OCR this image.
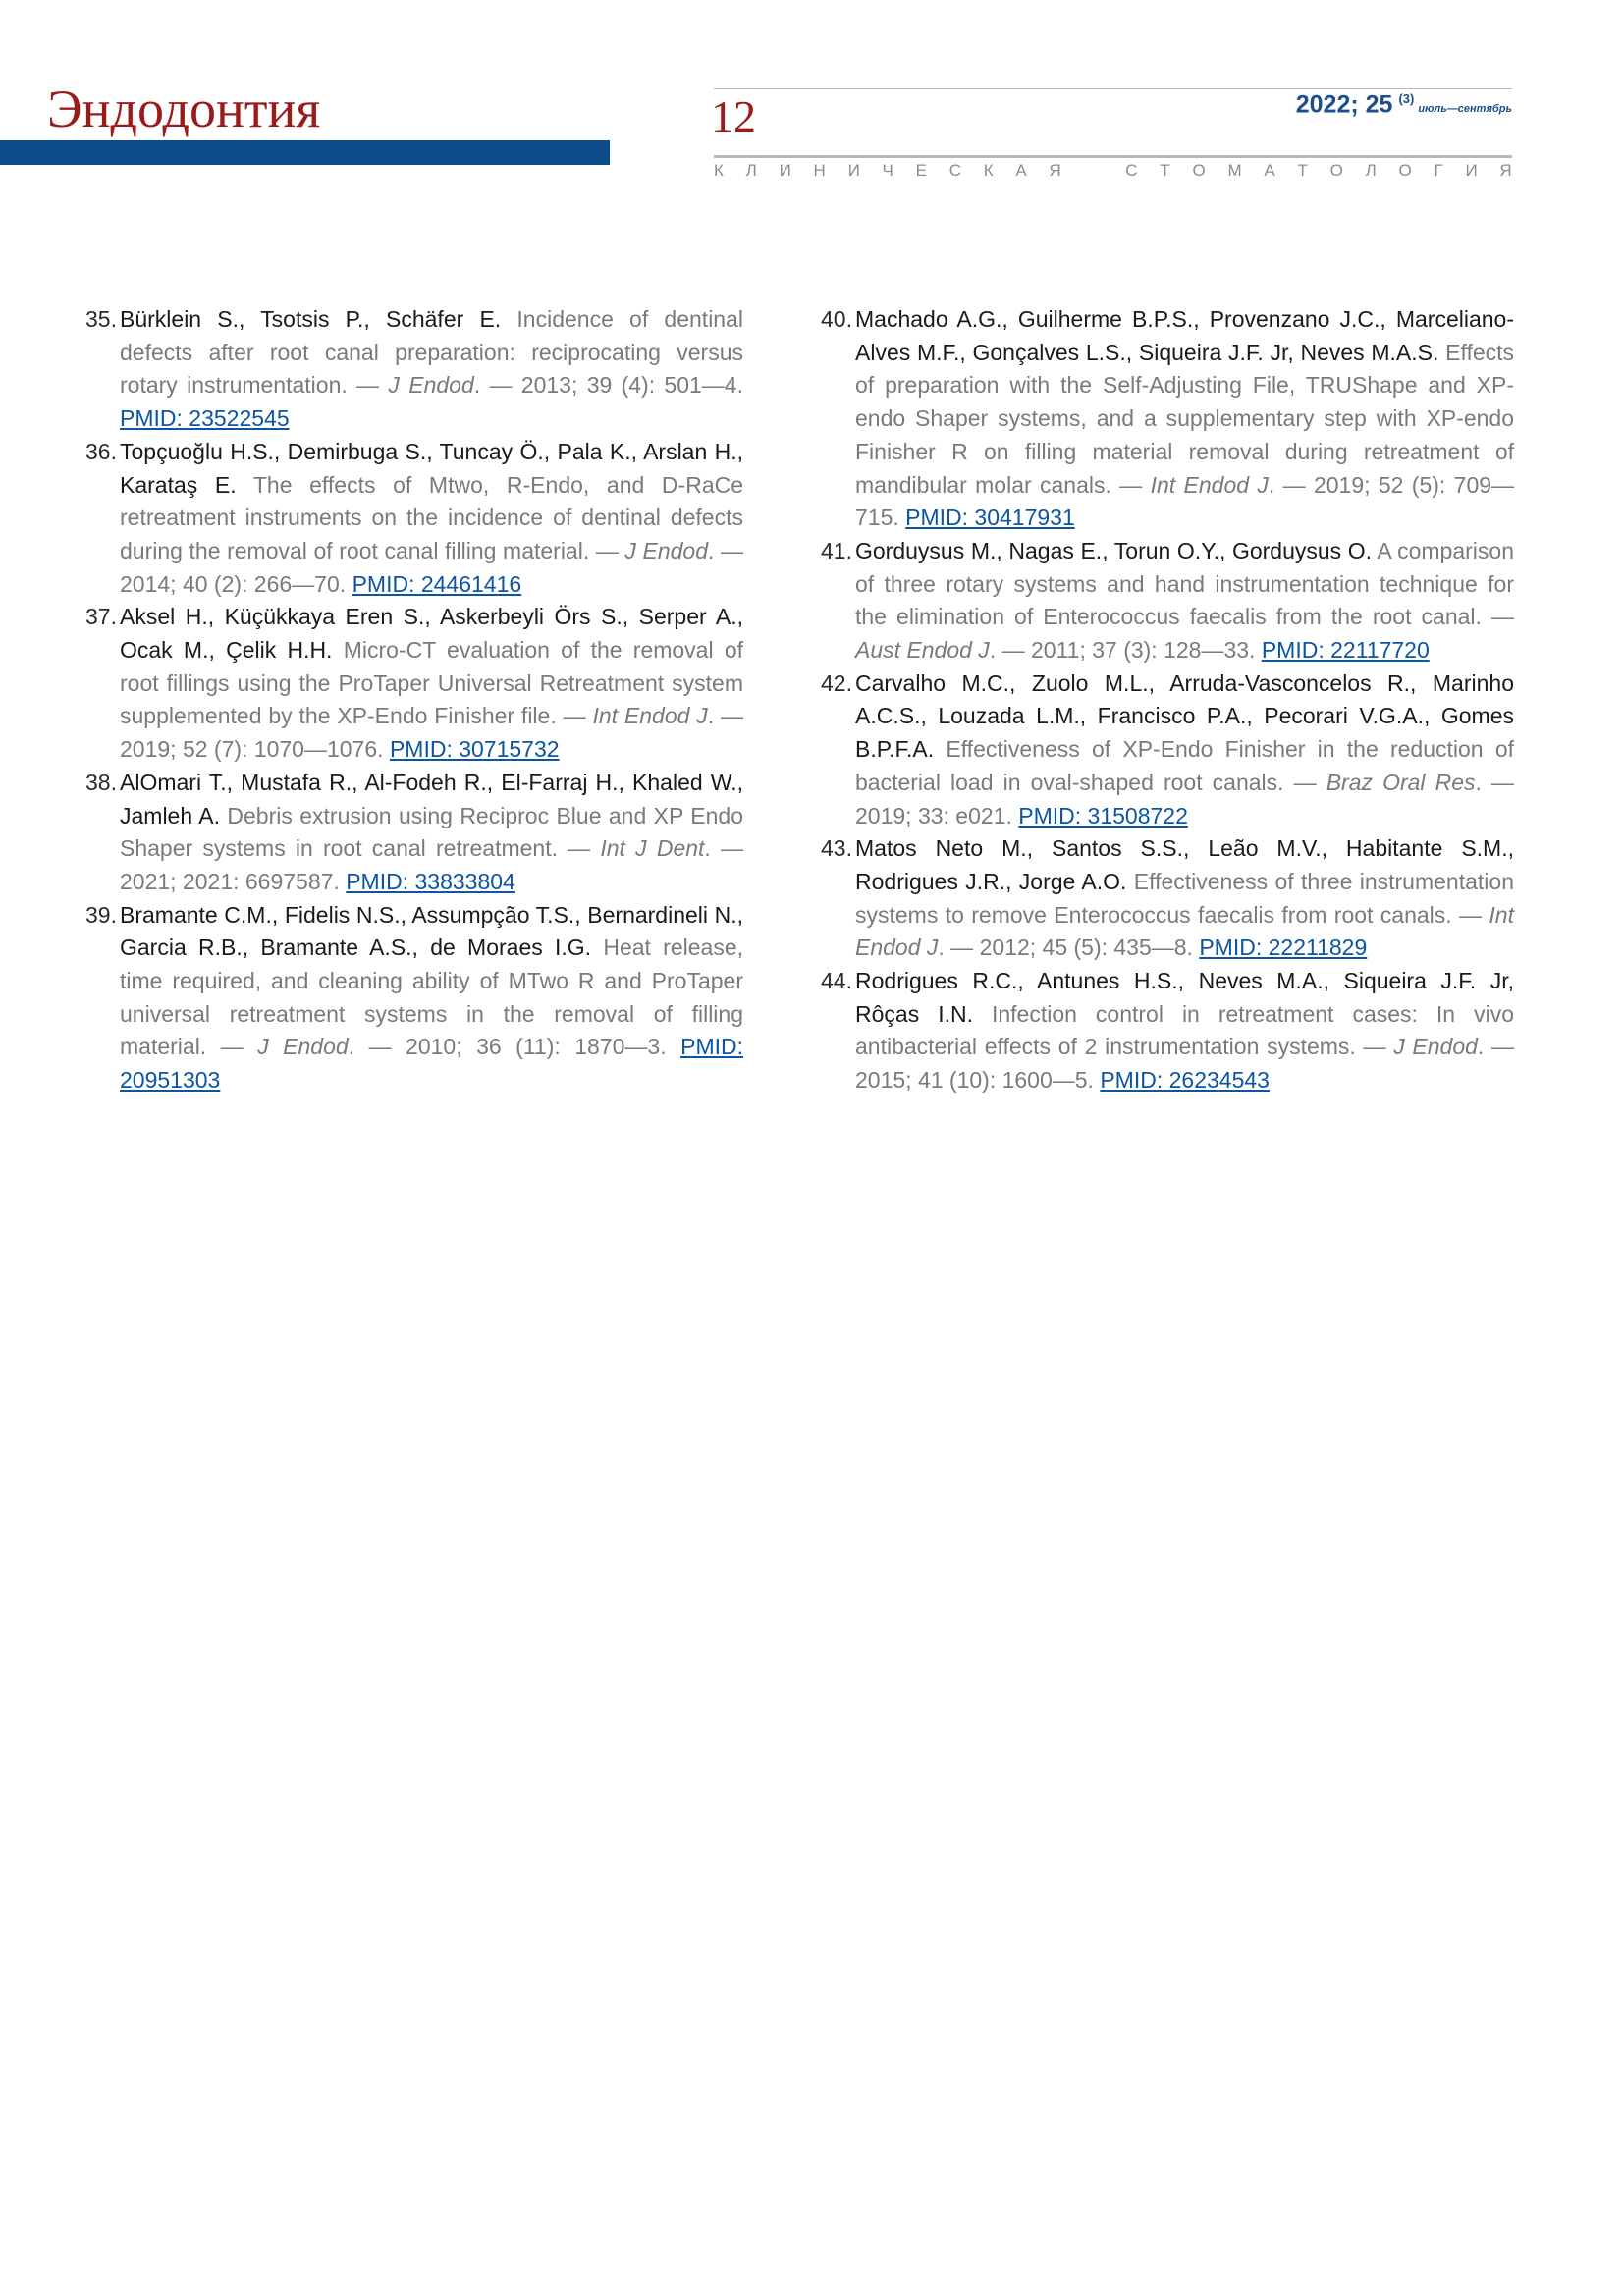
Эндодонтия	12	2022; 25 $^{(3)}$июль—сентябрь
К Л И Н И Ч Е С К А Я	С Т О М А Т О Л О Г И Я
35. Bürklein S., Tsotsis P., Schäfer E. Incidence of dentinal defects after root canal preparation: reciprocating versus rotary instrumentation. — J Endod. — 2013; 39 (4): 501—4. PMID: 23522545
36. Topçuoğlu H.S., Demirbuga S., Tuncay Ö., Pala K., Arslan H., Karataş E. The effects of Mtwo, R-Endo, and D-RaCe retreatment instruments on the incidence of dentinal defects during the removal of root canal filling material. — J Endod. — 2014; 40 (2): 266—70. PMID: 24461416
37. Aksel H., Küçükkaya Eren S., Askerbeyli Örs S., Serper A., Ocak M., Çelik H.H. Micro-CT evaluation of the removal of root fillings using the ProTaper Universal Retreatment system supplemented by the XP-Endo Finisher file. — Int Endod J. — 2019; 52 (7): 1070—1076. PMID: 30715732
38. AlOmari T., Mustafa R., Al-Fodeh R., El-Farraj H., Khaled W., Jamleh A. Debris extrusion using Reciproc Blue and XP Endo Shaper systems in root canal retreatment. — Int J Dent. — 2021; 2021: 6697587. PMID: 33833804
39. Bramante C.M., Fidelis N.S., Assumpção T.S., Bernardineli N., Garcia R.B., Bramante A.S., de Moraes I.G. Heat release, time required, and cleaning ability of MTwo R and ProTaper universal retreatment systems in the removal of filling material. — J Endod. — 2010; 36 (11): 1870—3. PMID: 20951303
40. Machado A.G., Guilherme B.P.S., Provenzano J.C., Marceliano-Alves M.F., Gonçalves L.S., Siqueira J.F. Jr, Neves M.A.S. Effects of preparation with the Self-Adjusting File, TRUShape and XP-endo Shaper systems, and a supplementary step with XP-endo Finisher R on filling material removal during retreatment of mandibular molar canals. — Int Endod J. — 2019; 52 (5): 709—715. PMID: 30417931
41. Gorduysus M., Nagas E., Torun O.Y., Gorduysus O. A comparison of three rotary systems and hand instrumentation technique for the elimination of Enterococcus faecalis from the root canal. — Aust Endod J. — 2011; 37 (3): 128—33. PMID: 22117720
42. Carvalho M.C., Zuolo M.L., Arruda-Vasconcelos R., Marinho A.C.S., Louzada L.M., Francisco P.A., Pecorari V.G.A., Gomes B.P.F.A. Effectiveness of XP-Endo Finisher in the reduction of bacterial load in oval-shaped root canals. — Braz Oral Res. — 2019; 33: e021. PMID: 31508722
43. Matos Neto M., Santos S.S., Leão M.V., Habitante S.M., Rodrigues J.R., Jorge A.O. Effectiveness of three instrumentation systems to remove Enterococcus faecalis from root canals. — Int Endod J. — 2012; 45 (5): 435—8. PMID: 22211829
44. Rodrigues R.C., Antunes H.S., Neves M.A., Siqueira J.F. Jr, Rôças I.N. Infection control in retreatment cases: In vivo antibacterial effects of 2 instrumentation systems. — J Endod. — 2015; 41 (10): 1600—5. PMID: 26234543
